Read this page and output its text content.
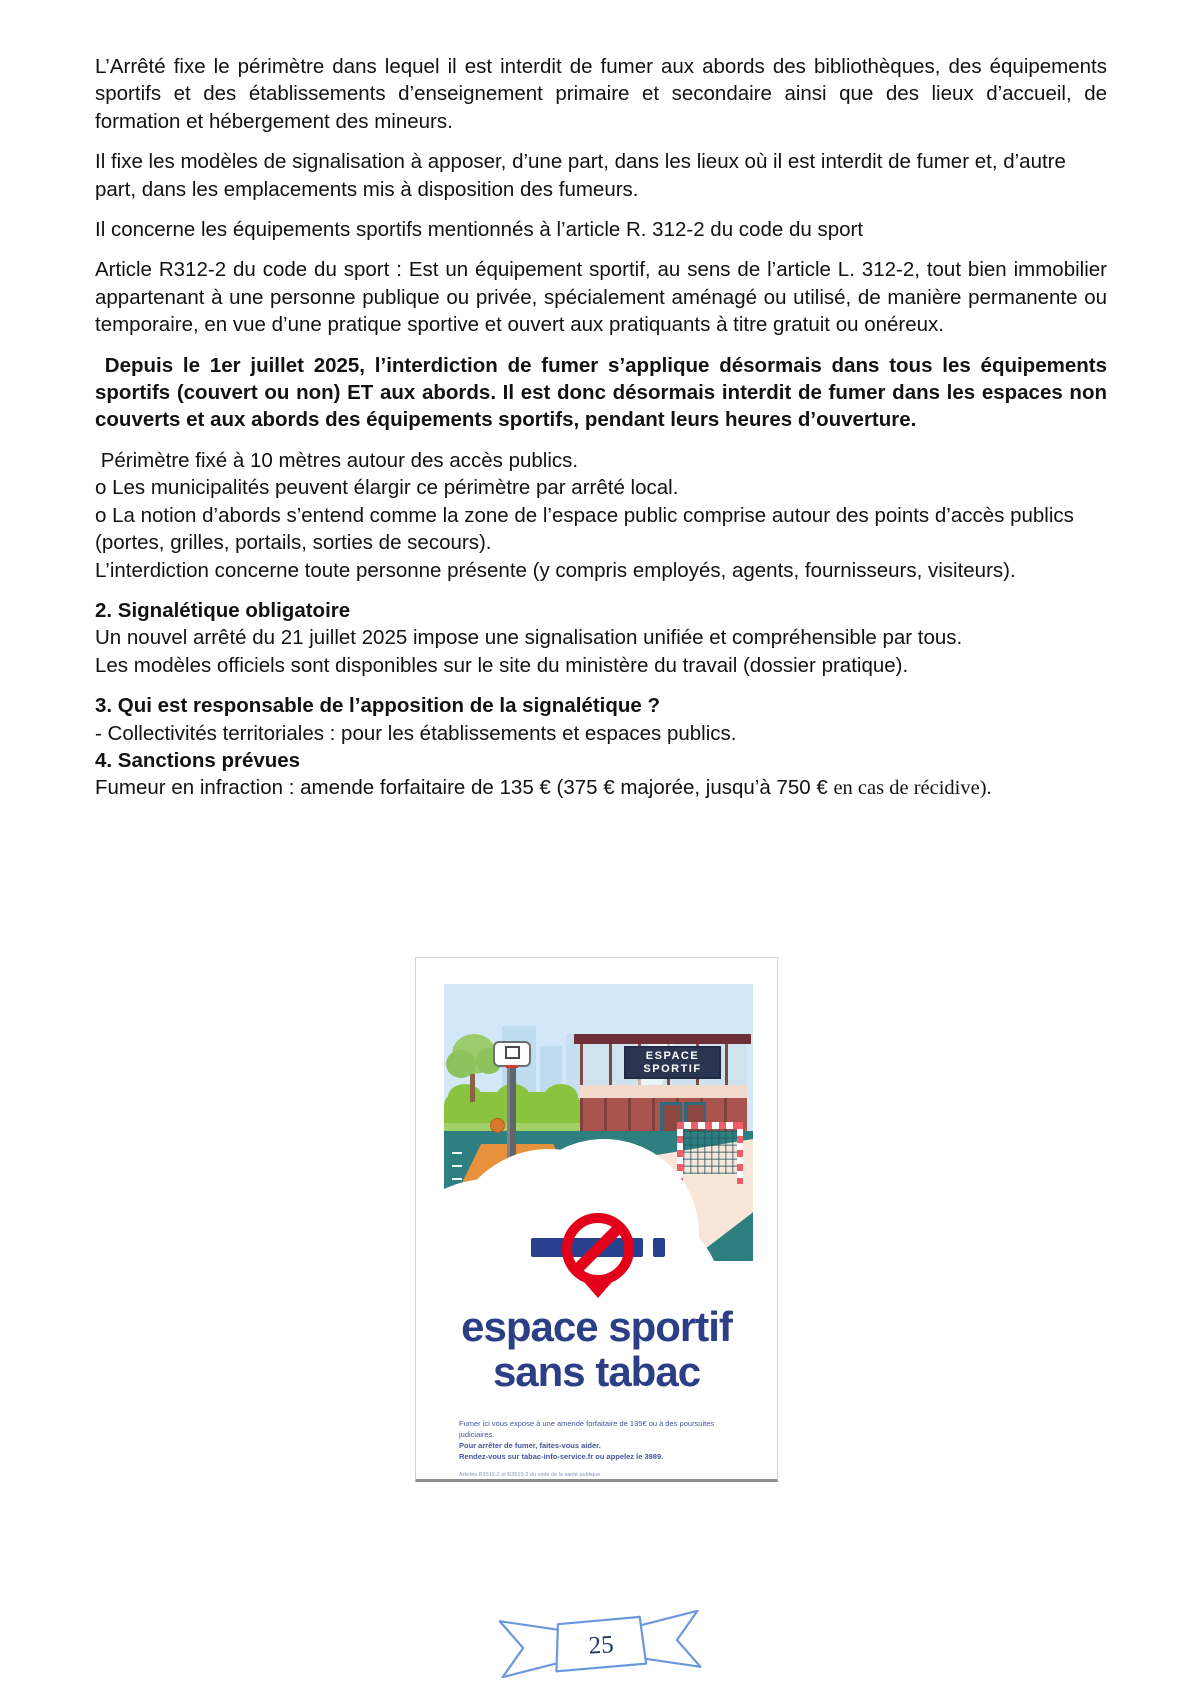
L’Arrêté fixe le périmètre dans lequel il est interdit de fumer aux abords des bibliothèques, des équipements sportifs et des établissements d’enseignement primaire et secondaire ainsi que des lieux d’accueil, de formation et hébergement des mineurs.

Il fixe les modèles de signalisation à apposer, d’une part, dans les lieux où il est interdit de fumer et, d’autre part, dans les emplacements mis à disposition des fumeurs.

Il concerne les équipements sportifs mentionnés à l’article R. 312-2 du code du sport

Article R312-2 du code du sport : Est un équipement sportif, au sens de l’article L. 312-2, tout bien immobilier appartenant à une personne publique ou privée, spécialement aménagé ou utilisé, de manière permanente ou temporaire, en vue d’une pratique sportive et ouvert aux pratiquants à titre gratuit ou onéreux.

Depuis le 1er juillet 2025, l’interdiction de fumer s’applique désormais dans tous les équipements sportifs (couvert ou non) ET aux abords. Il est donc désormais interdit de fumer dans les espaces non couverts et aux abords des équipements sportifs, pendant leurs heures d’ouverture.

Périmètre fixé à 10 mètres autour des accès publics.

o Les municipalités peuvent élargir ce périmètre par arrêté local.

o La notion d’abords s’entend comme la zone de l’espace public comprise autour des points d’accès publics (portes, grilles, portails, sorties de secours).

L’interdiction concerne toute personne présente (y compris employés, agents, fournisseurs, visiteurs).

2. Signalétique obligatoire

Un nouvel arrêté du 21 juillet 2025 impose une signalisation unifiée et compréhensible par tous.

Les modèles officiels sont disponibles sur le site du ministère du travail (dossier pratique).

3. Qui est responsable de l’apposition de la signalétique ?

- Collectivités territoriales : pour les établissements et espaces publics.

4. Sanctions prévues

Fumeur en infraction : amende forfaitaire de 135 € (375 € majorée, jusqu’à 750 € en cas de récidive).

ESPACE
SPORTIF
espace sportif
sans tabac
Fumer ici vous expose à une amende forfaitaire de 135€ ou à des poursuites judiciaires.
Pour arrêter de fumer, faites-vous aider.
Rendez-vous sur tabac-info-service.fr ou appelez le 3989.
Articles R3512-2 et R3515-2 du code de la santé publique
25
